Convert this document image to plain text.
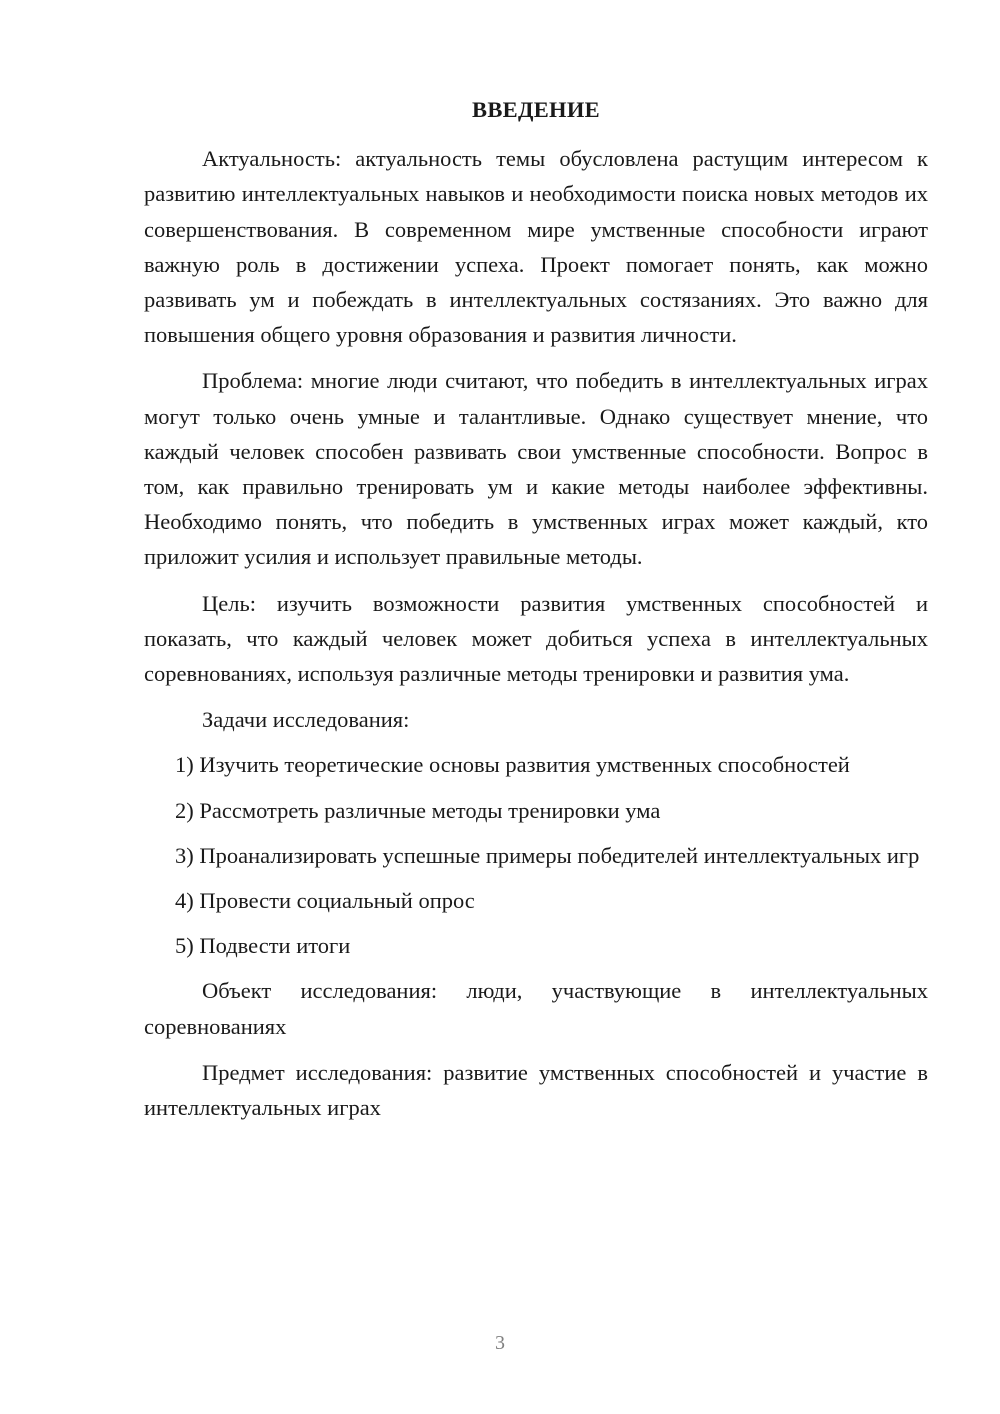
ВВЕДЕНИЕ

Актуальность: актуальность темы обусловлена растущим интересом к развитию интеллектуальных навыков и необходимости поиска новых методов их совершенствования. В современном мире умственные способности играют важную роль в достижении успеха. Проект помогает понять, как можно развивать ум и побеждать в интеллектуальных состязаниях. Это важно для повышения общего уровня образования и развития личности.

Проблема: многие люди считают, что победить в интеллектуальных играх могут только очень умные и талантливые. Однако существует мнение, что каждый человек способен развивать свои умственные способности. Вопрос в том, как правильно тренировать ум и какие методы наиболее эффективны. Необходимо понять, что победить в умственных играх может каждый, кто приложит усилия и использует правильные методы.

Цель: изучить возможности развития умственных способностей и показать, что каждый человек может добиться успеха в интеллектуальных соревнованиях, используя различные методы тренировки и развития ума.

Задачи исследования:

1) Изучить теоретические основы развития умственных способностей

2) Рассмотреть различные методы тренировки ума

3) Проанализировать успешные примеры победителей интеллектуальных игр

4) Провести социальный опрос

5) Подвести итоги

Объект исследования: люди, участвующие в интеллектуальных соревнованиях

Предмет исследования: развитие умственных способностей и участие в интеллектуальных играх

3
